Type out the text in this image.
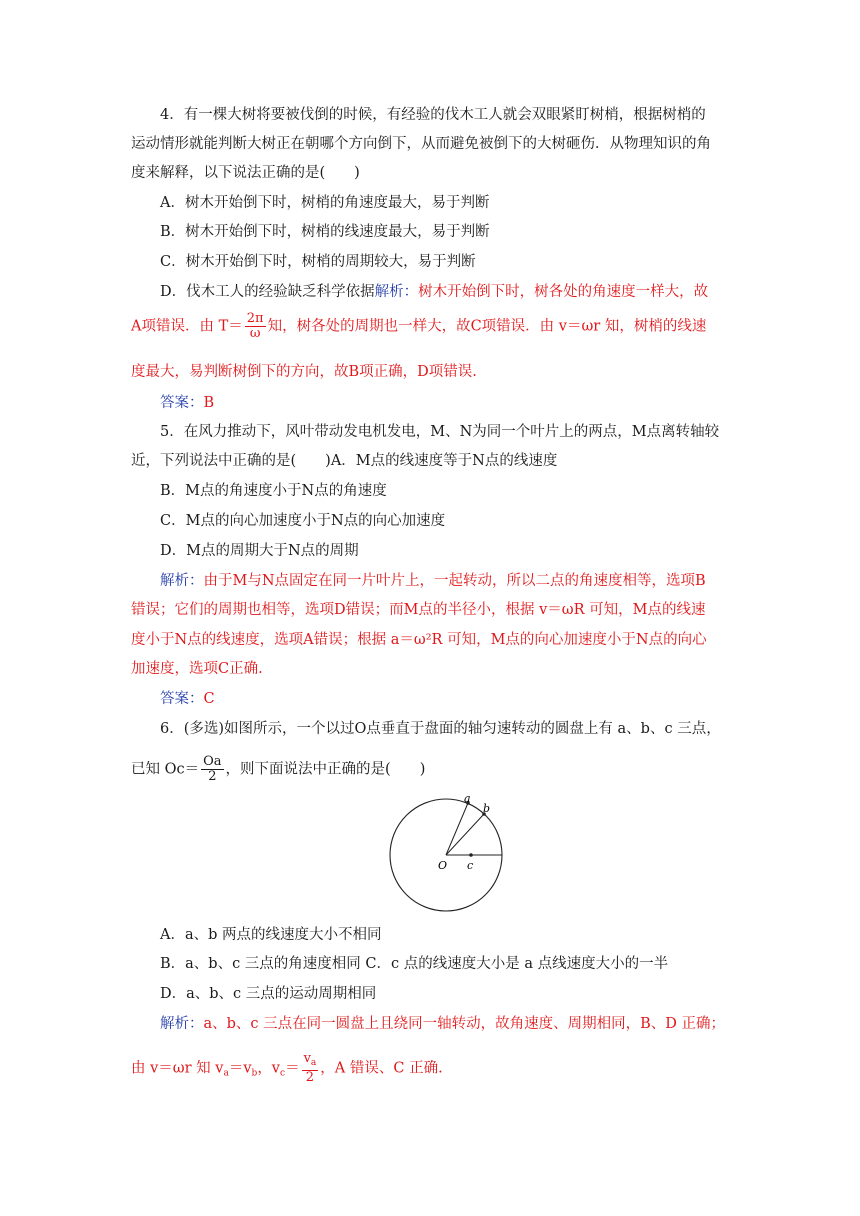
4．有一棵大树将要被伐倒的时候，有经验的伐木工人就会双眼紧盯树梢，根据树梢的
运动情形就能判断大树正在朝哪个方向倒下，从而避免被倒下的大树砸伤．从物理知识的角
度来解释，以下说法正确的是(　　)
A．树木开始倒下时，树梢的角速度最大，易于判断
B．树木开始倒下时，树梢的线速度最大，易于判断
C．树木开始倒下时，树梢的周期较大，易于判断
D．伐木工人的经验缺乏科学依据解析：树木开始倒下时，树各处的角速度一样大，故
A项错误．由 $T= \frac{2\pi}{\omega}$ 知，树各处的周期也一样大，故C项错误．由 v＝ωr 知，树梢的线速
度最大，易判断树倒下的方向，故B项正确，D项错误.
答案：B
5．在风力推动下，风叶带动发电机发电，M、N为同一个叶片上的两点，M点离转轴较
近，下列说法中正确的是(　　)A．M点的线速度等于N点的线速度
B．M点的角速度小于N点的角速度
C．M点的向心加速度小于N点的向心加速度
D．M点的周期大于N点的周期
解析：由于M与N点固定在同一片叶片上，一起转动，所以二点的角速度相等，选项B
错误；它们的周期也相等，选项D错误；而M点的半径小，根据 v＝ωR 可知，M点的线速
度小于N点的线速度，选项A错误；根据 a＝ω²R 可知，M点的向心加速度小于N点的向心
加速度，选项C正确.
答案：C
6．(多选)如图所示，一个以过O点垂直于盘面的轴匀速转动的圆盘上有 a、b、c 三点，
已知 $Oc= \frac{Oa}{2}$ ，则下面说法中正确的是(　　)
a
b
O c
A．a、b 两点的线速度大小不相同
B．a、b、c 三点的角速度相同 C．c 点的线速度大小是 a 点线速度大小的一半
D．a、b、c 三点的运动周期相同
解析：a、b、c 三点在同一圆盘上且绕同一轴转动，故角速度、周期相同，B、D 正确；
由 v＝ωr 知 $v_a=v_b$，$v_c= \frac{v_a}{2}$ ，A 错误、C 正确.
